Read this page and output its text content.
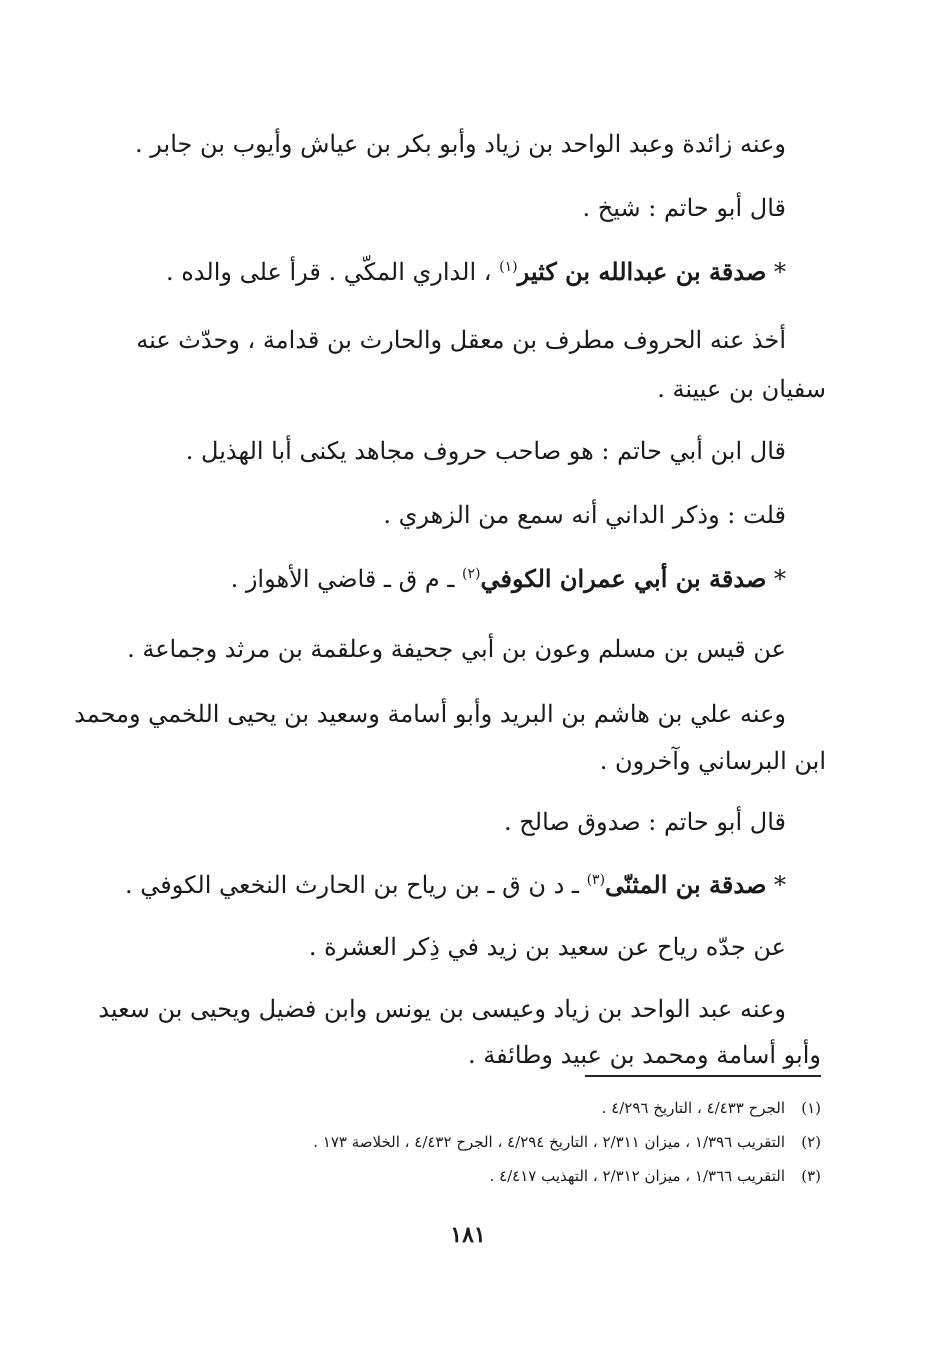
وعنه زائدة وعبد الواحد بن زياد وأبو بكر بن عياش وأيوب بن جابر .
قال أبو حاتم : شيخ .
* صدقة بن عبدالله بن كثير$^{(١)}$ ، الداري المكّي . قرأ على والده .
أخذ عنه الحروف مطرف بن معقل والحارث بن قدامة ، وحدّث عنه
سفيان بن عيينة .
قال ابن أبي حاتم : هو صاحب حروف مجاهد يكنى أبا الهذيل .
قلت : وذكر الداني أنه سمع من الزهري .
* صدقة بن أبي عمران الكوفي$^{(٢)}$ ـ م ق ـ قاضي الأهواز .
عن قيس بن مسلم وعون بن أبي جحيفة وعلقمة بن مرثد وجماعة .
وعنه علي بن هاشم بن البريد وأبو أسامة وسعيد بن يحيى اللخمي ومحمد
ابن البرساني وآخرون .
قال أبو حاتم : صدوق صالح .
* صدقة بن المثنّى$^{(٣)}$ ـ د ن ق ـ بن رياح بن الحارث النخعي الكوفي .
عن جدّه رياح عن سعيد بن زيد في ذِكر العشرة .
وعنه عبد الواحد بن زياد وعيسى بن يونس وابن فضيل ويحيى بن سعيد
وأبو أسامة ومحمد بن عبيد وطائفة .
(١)الجرح ٤/٤٣٣ ، التاريخ ٤/٢٩٦ .
(٢)التقريب ١/٣٩٦ ، ميزان ٢/٣١١ ، التاريخ ٤/٢٩٤ ، الجرح ٤/٤٣٢ ، الخلاصة ١٧٣ .
(٣)التقريب ١/٣٦٦ ، ميزان ٢/٣١٢ ، التهذيب ٤/٤١٧ .
١٨١
